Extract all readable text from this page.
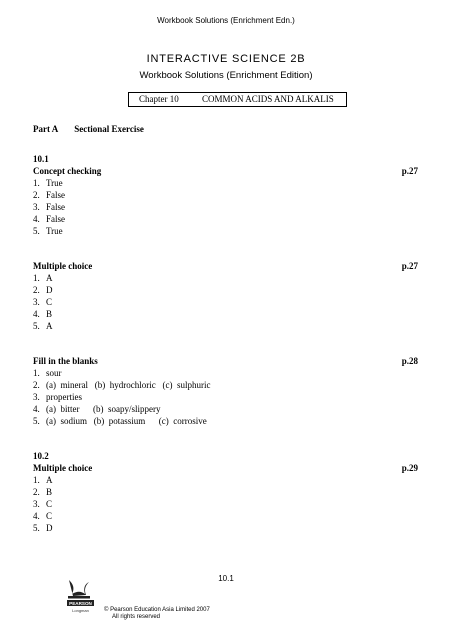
Workbook Solutions (Enrichment Edn.)
INTERACTIVE SCIENCE 2B
Workbook Solutions (Enrichment Edition)
Chapter 10	COMMON ACIDS AND ALKALIS
Part A Sectional Exercise
10.1
Concept checking	p.27
1. True
2. False
3. False
4. False
5. True
Multiple choice	p.27
1. A
2. D
3. C
4. B
5. A
Fill in the blanks	p.28
1. sour
2. (a)  mineral   (b)  hydrochloric   (c)  sulphuric
3. properties
4. (a)  bitter      (b)  soapy/slippery
5. (a)  sodium   (b)  potassium      (c)  corrosive
10.2
Multiple choice	p.29
1. A
2. B
3. C
4. C
5. D
10.1
PEARSON
Longman	© Pearson Education Asia Limited 2007
All rights reserved
